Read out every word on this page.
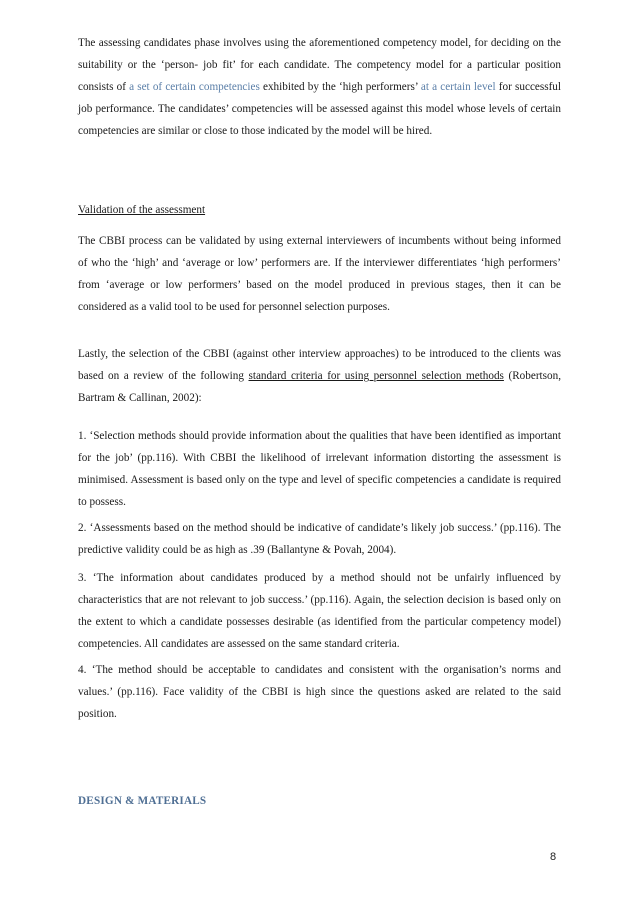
The assessing candidates phase involves using the aforementioned competency model, for deciding on the suitability or the ‘person- job fit’ for each candidate. The competency model for a particular position consists of a set of certain competencies exhibited by the ‘high performers’ at a certain level for successful job performance. The candidates’ competencies will be assessed against this model whose levels of certain competencies are similar or close to those indicated by the model will be hired.

Validation of the assessment

The CBBI process can be validated by using external interviewers of incumbents without being informed of who the ‘high’ and ‘average or low’ performers are. If the interviewer differentiates ‘high performers’ from ‘average or low performers’ based on the model produced in previous stages, then it can be considered as a valid tool to be used for personnel selection purposes.

Lastly, the selection of the CBBI (against other interview approaches) to be introduced to the clients was based on a review of the following standard criteria for using personnel selection methods (Robertson, Bartram & Callinan, 2002):

1. ‘Selection methods should provide information about the qualities that have been identified as important for the job’ (pp.116). With CBBI the likelihood of irrelevant information distorting the assessment is minimised. Assessment is based only on the type and level of specific competencies a candidate is required to possess.

2. ‘Assessments based on the method should be indicative of candidate’s likely job success.’ (pp.116). The predictive validity could be as high as .39 (Ballantyne & Povah, 2004).

3. ‘The information about candidates produced by a method should not be unfairly influenced by characteristics that are not relevant to job success.’ (pp.116). Again, the selection decision is based only on the extent to which a candidate possesses desirable (as identified from the particular competency model) competencies. All candidates are assessed on the same standard criteria.

4. ‘The method should be acceptable to candidates and consistent with the organisation’s norms and values.’ (pp.116). Face validity of the CBBI is high since the questions asked are related to the said position.

DESIGN & MATERIALS
8
